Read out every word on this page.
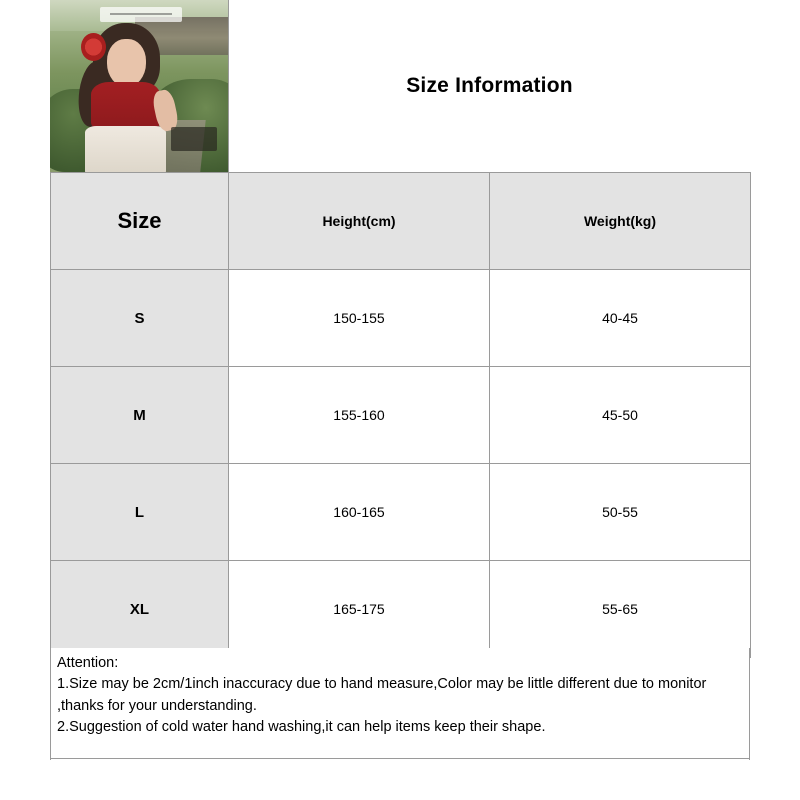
Size Information
Size	Height(cm)	Weight(kg)
S	150-155	40-45
M	155-160	45-50
L	160-165	50-55
XL	165-175	55-65
Attention:
1.Size may be 2cm/1inch inaccuracy due to hand measure,Color may be little different due to monitor ,thanks for your understanding.
2.Suggestion of cold water hand washing,it can help items keep their shape.
